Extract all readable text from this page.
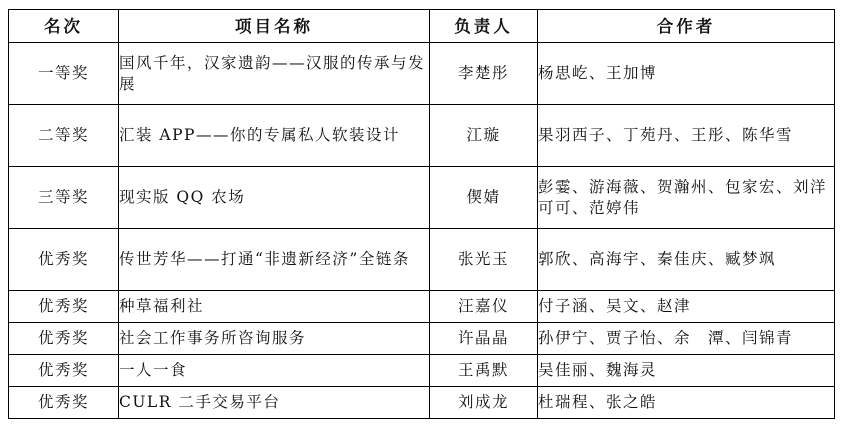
名次	项目名称	负责人	合作者
一等奖	国风千年，汉家遗韵——汉服的传承与发展	李楚彤	杨思屹、王加博
二等奖	汇装 APP——你的专属私人软装设计	江璇	果羽西子、丁苑丹、王彤、陈华雪
三等奖	现实版 QQ 农场	偰婧	彭霎、游海薇、贺瀚州、包家宏、刘洋可可、范婷伟
优秀奖	传世芳华——打通“非遗新经济”全链条	张光玉	郭欣、高海宇、秦佳庆、臧梦飒
优秀奖	种草福利社	汪嘉仪	付子涵、吴文、赵津
优秀奖	社会工作事务所咨询服务	许晶晶	孙伊宁、贾子怡、余　潭、闫锦青
优秀奖	一人一食	王禹默	吴佳丽、魏海灵
优秀奖	CULR 二手交易平台	刘成龙	杜瑞程、张之皓
